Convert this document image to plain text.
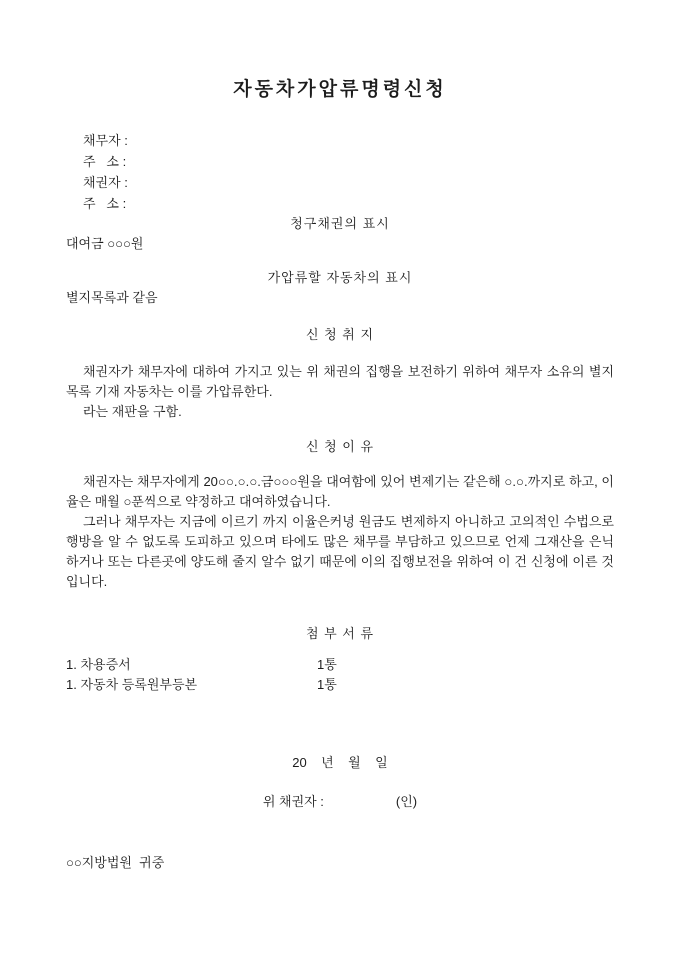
자동차가압류명령신청
채무자 :
주   소 :
채권자 :
주   소 :
청구채권의 표시

대여금 ○○○원

가압류할 자동차의 표시

별지목록과 같음

신 청 취 지

채권자가 채무자에 대하여 가지고 있는 위 채권의 집행을 보전하기 위하여 채무자 소유의 별지목록 기재 자동차는 이를 가압류한다.

라는 재판을 구함.

신 청 이 유

채권자는 채무자에게 20○○.○.○.금○○○원을 대여함에 있어 변제기는 같은해 ○.○.까지로 하고, 이율은 매월 ○푼씩으로 약정하고 대여하였습니다.

그러나 채무자는 지금에 이르기 까지 이율은커녕 원금도 변제하지 아니하고 고의적인 수법으로 행방을 알 수 없도록 도피하고 있으며 타에도 많은 채무를 부담하고 있으므로 언제 그재산을 은닉하거나 또는 다른곳에 양도해 줄지 알수 없기 때문에 이의 집행보전을 위하여 이 건 신청에 이른 것입니다.

첨 부 서 류
1. 차용증서	1통
1. 자동차 등록원부등본	1통
20    년    월    일
위 채권자 :	(인)
○○지방법원  귀중
